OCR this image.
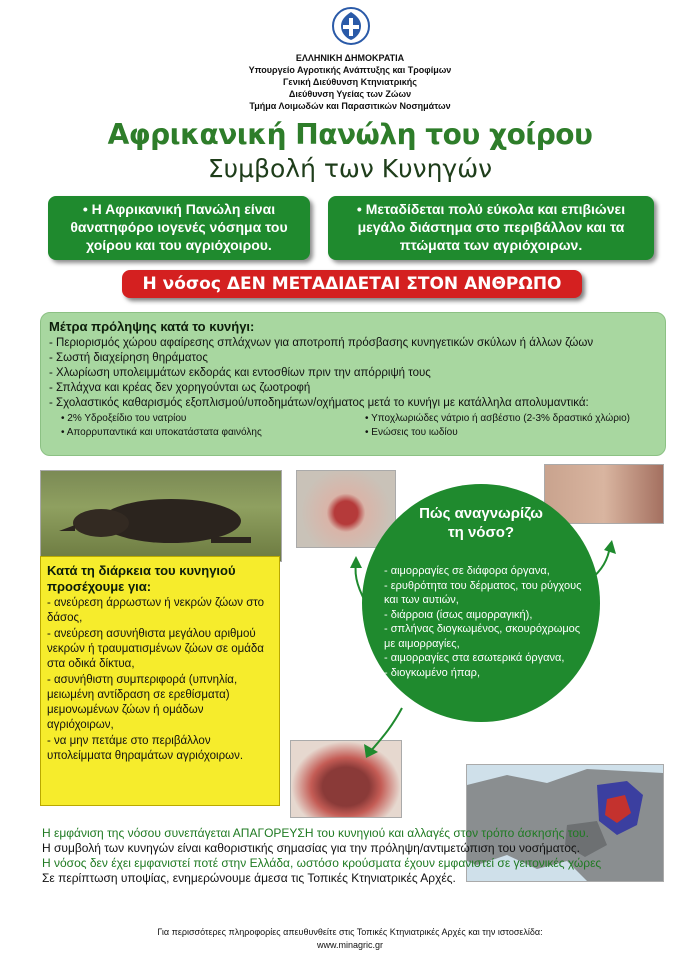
ΕΛΛΗΝΙΚΗ ΔΗΜΟΚΡΑΤΙΑ
Υπουργείο Αγροτικής Ανάπτυξης και Τροφίμων
Γενική Διεύθυνση Κτηνιατρικής
Διεύθυνση Υγείας των Ζώων
Τμήμα Λοιμωδών και Παρασιτικών Νοσημάτων
Αφρικανική Πανώλη του χοίρου
Συμβολή των Κυνηγών
• Η Αφρικανική Πανώλη είναι θανατηφόρο ιογενές νόσημα του χοίρου και του αγριόχοιρου.
• Μεταδίδεται πολύ εύκολα και επιβιώνει μεγάλο διάστημα στο περιβάλλον και τα πτώματα των αγριόχοιρων.
Η νόσος ΔΕΝ ΜΕΤΑΔΙΔΕΤΑΙ ΣΤΟΝ ΑΝΘΡΩΠΟ
Μέτρα πρόληψης κατά το κυνήγι:
- Περιορισμός χώρου αφαίρεσης σπλάχνων για αποτροπή πρόσβασης κυνηγετικών σκύλων ή άλλων ζώων
- Σωστή διαχείρηση θηράματος
- Χλωρίωση υπολειμμάτων εκδοράς και εντοσθίων πριν την απόρριψή τους
- Σπλάχνα και κρέας δεν χορηγούνται ως ζωοτροφή
- Σχολαστικός καθαρισμός εξοπλισμού/υποδημάτων/οχήματος μετά το κυνήγι με κατάλληλα απολυμαντικά:
• 2% Υδροξείδιο του νατρίου	• Υποχλωριώδες νάτριο ή ασβέστιο (2-3% δραστικό χλώριο)
• Απορρυπαντικά και υποκατάστατα φαινόλης	• Ενώσεις του ιωδίου
Κατά τη διάρκεια του κυνηγιού
προσέχουμε για:
- ανεύρεση άρρωστων ή νεκρών ζώων στο δάσος,
- ανεύρεση ασυνήθιστα μεγάλου αριθμού νεκρών ή τραυματισμένων ζώων σε ομάδα στα οδικά δίκτυα,
- ασυνήθιστη συμπεριφορά (υπνηλία, μειωμένη αντίδραση σε ερεθίσματα) μεμονωμένων ζώων ή ομάδων αγριόχοιρων,
- να μην πετάμε στο περιβάλλον υπολείμματα θηραμάτων αγριόχοιρων.
Πώς αναγνωρίζω
τη νόσο?
- αιμορραγίες σε διάφορα όργανα,
- ερυθρότητα του δέρματος, του ρύγχους και των αυτιών,
- διάρροια (ίσως αιμορραγική),
- σπλήνας διογκωμένος, σκουρόχρωμος με αιμορραγίες,
- αιμορραγίες στα εσωτερικά όργανα,
- διογκωμένο ήπαρ,
Η εμφάνιση της νόσου συνεπάγεται ΑΠΑΓΟΡΕΥΣΗ του κυνηγιού και αλλαγές στον τρόπο άσκησής του.
Η συμβολή των κυνηγών είναι καθοριστικής σημασίας για την πρόληψη/αντιμετώπιση του νοσήματος.
Η νόσος δεν έχει εμφανιστεί ποτέ στην Ελλάδα, ωστόσο κρούσματα έχουν εμφανιστεί σε γειτονικές χώρες
Σε περίπτωση υποψίας, ενημερώνουμε άμεσα τις Τοπικές Κτηνιατρικές Αρχές.
Για περισσότερες πληροφορίες απευθυνθείτε στις Τοπικές Κτηνιατρικές Αρχές και την ιστοσελίδα:
www.minagric.gr
